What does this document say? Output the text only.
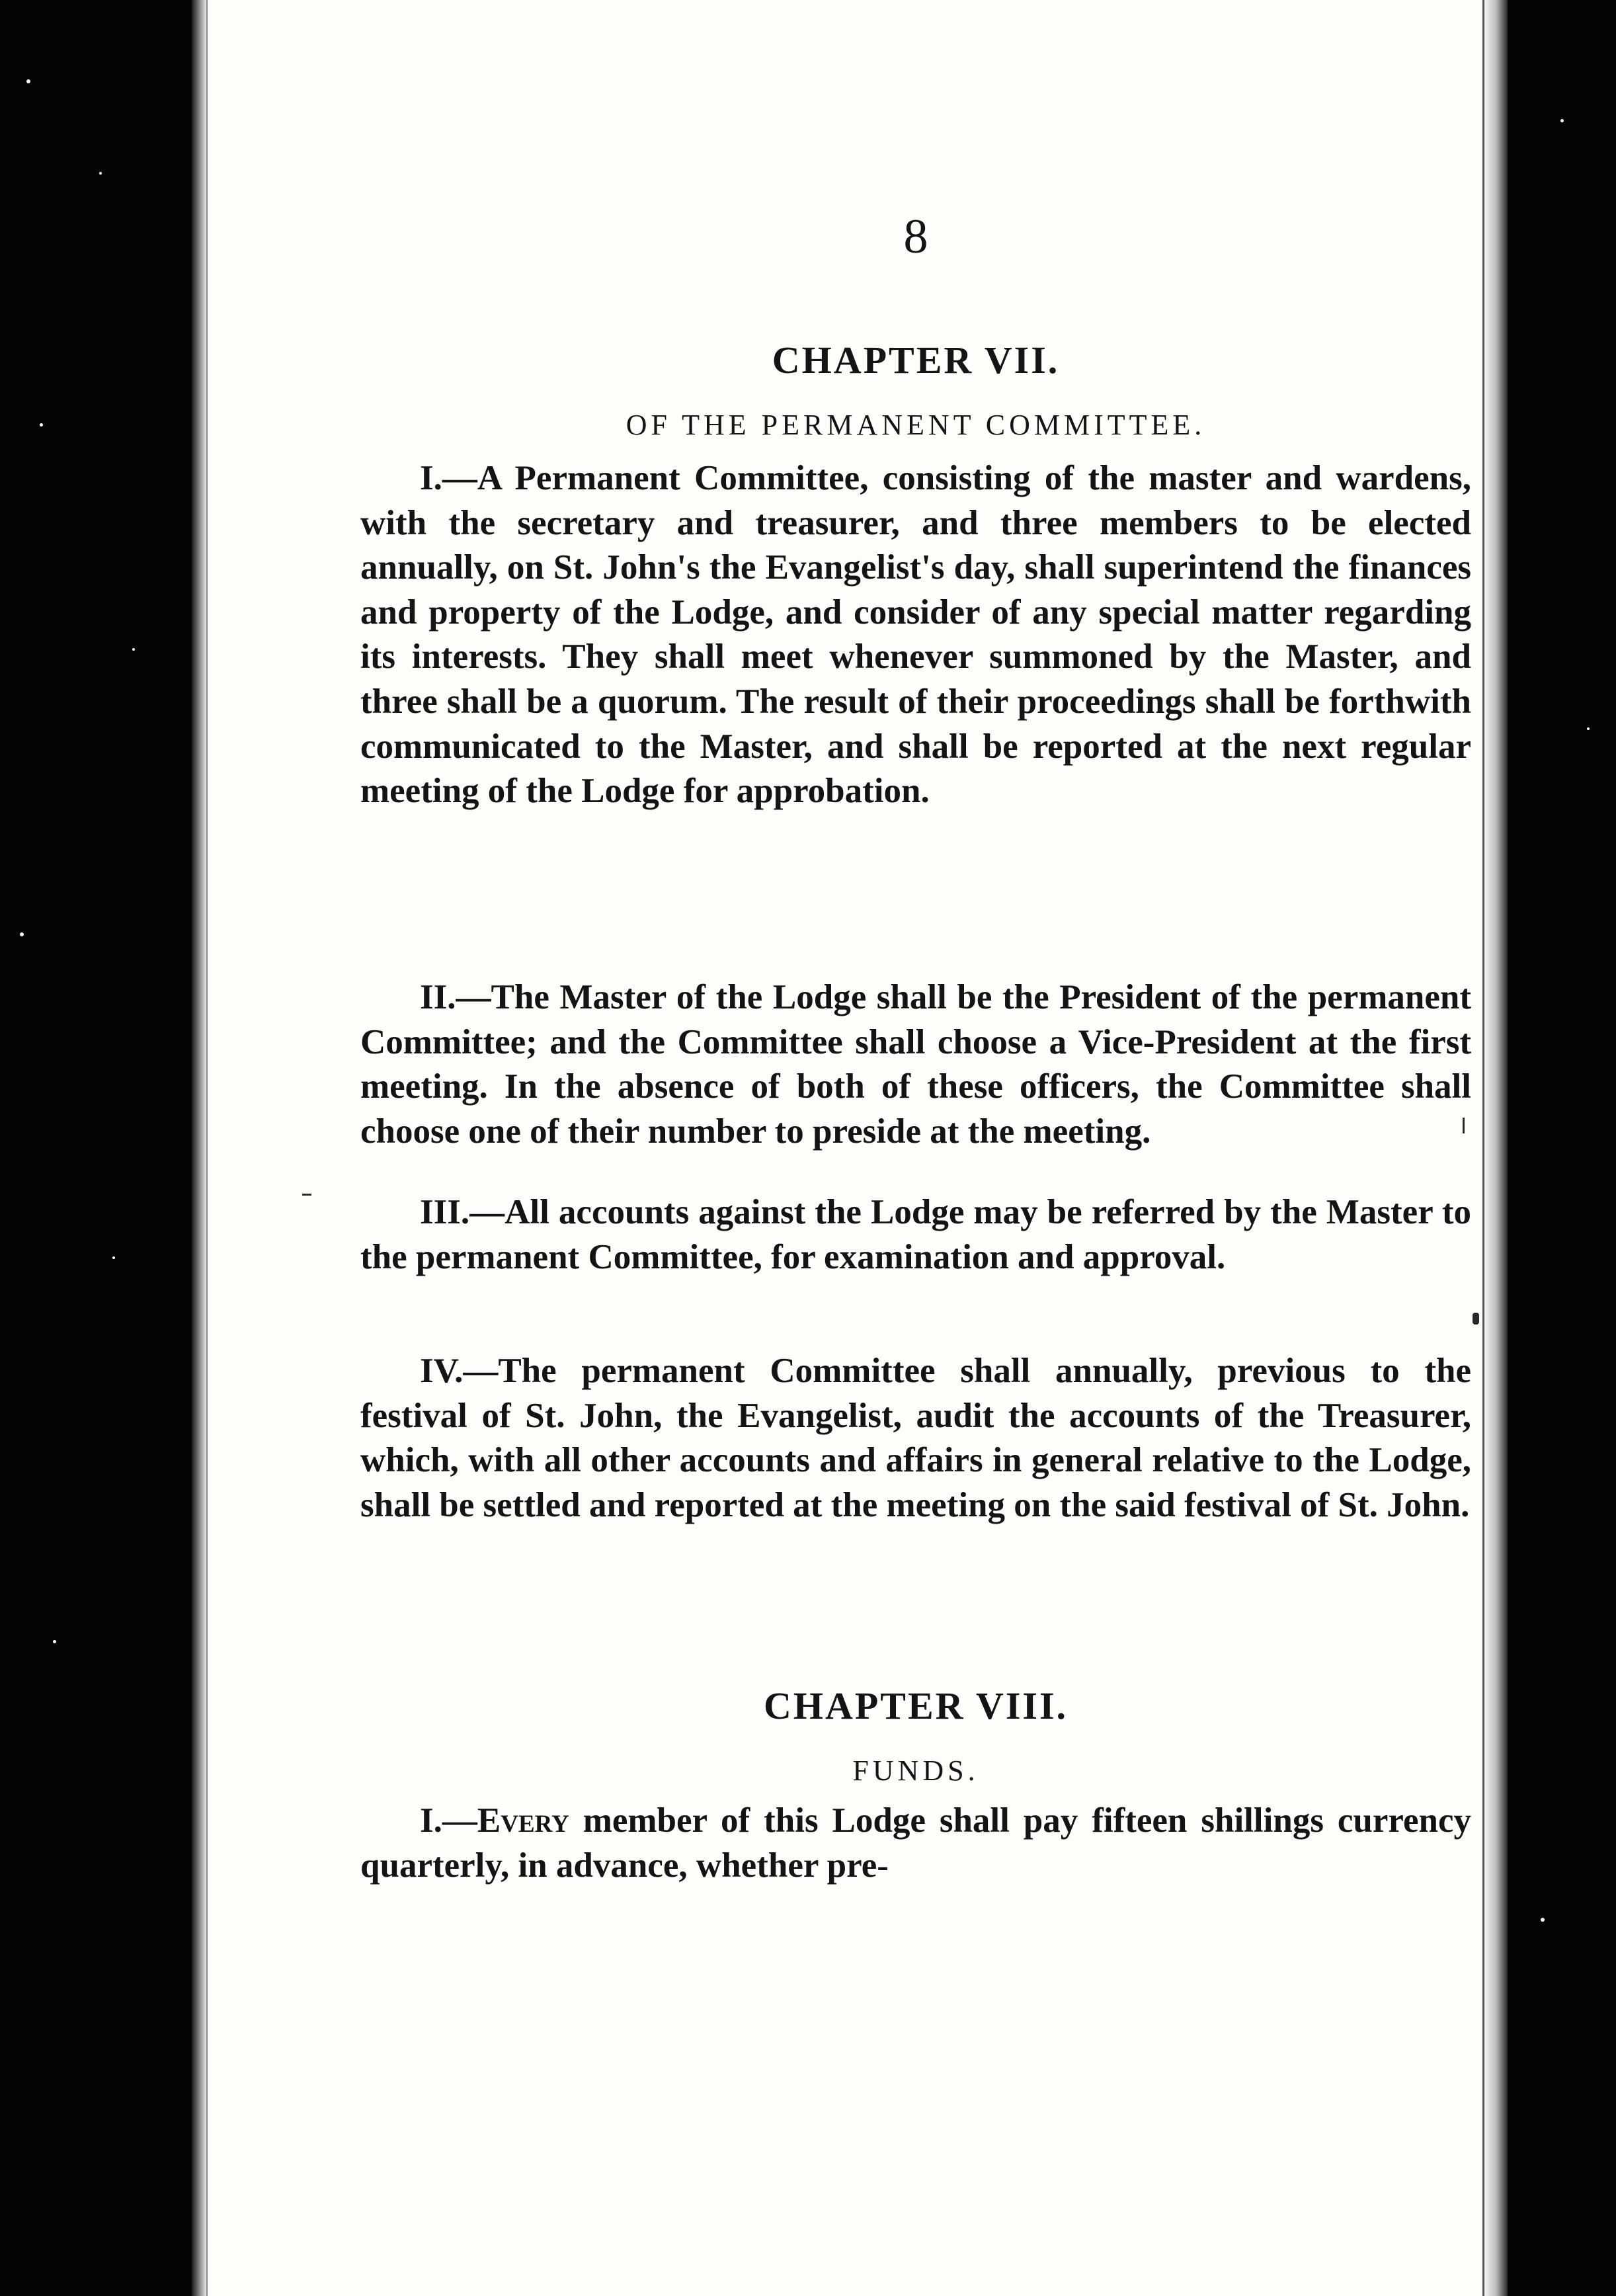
8
CHAPTER VII.
OF THE PERMANENT COMMITTEE.

I.—A Permanent Committee, consisting of the master and wardens, with the secretary and treasurer, and three members to be elected annually, on St. John's the Evangelist's day, shall superintend the finances and property of the Lodge, and consider of any special matter regarding its interests. They shall meet whenever summoned by the Master, and three shall be a quorum. The result of their proceedings shall be forthwith communicated to the Master, and shall be reported at the next regular meeting of the Lodge for approbation.

II.—The Master of the Lodge shall be the President of the permanent Committee; and the Committee shall choose a Vice-President at the first meeting. In the absence of both of these officers, the Committee shall choose one of their number to preside at the meeting.

III.—All accounts against the Lodge may be referred by the Master to the permanent Committee, for examination and approval.

IV.—The permanent Committee shall annually, previous to the festival of St. John, the Evangelist, audit the accounts of the Treasurer, which, with all other accounts and affairs in general relative to the Lodge, shall be settled and reported at the meeting on the said festival of St. John.

CHAPTER VIII.
FUNDS.

I.—Every member of this Lodge shall pay fifteen shillings currency quarterly, in advance, whether pre-
